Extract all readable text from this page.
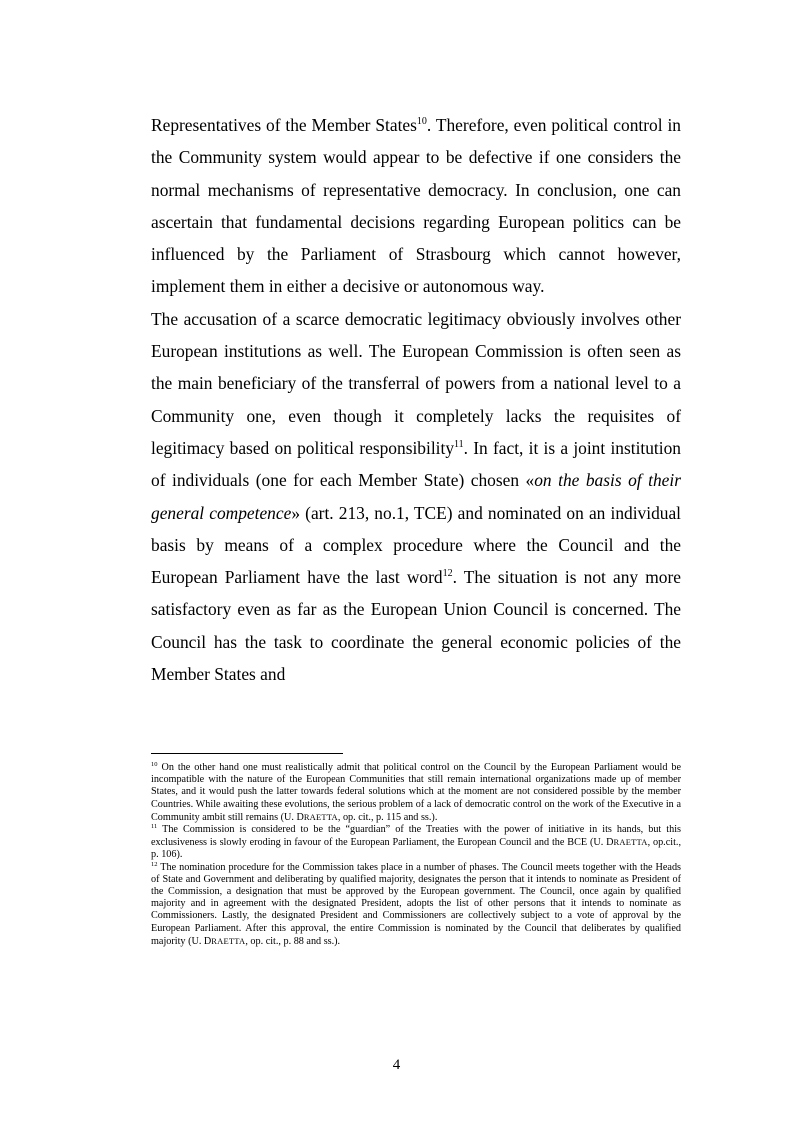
Representatives of the Member States$^{10}$. Therefore, even political control in the Community system would appear to be defective if one considers the normal mechanisms of representative democracy. In conclusion, one can ascertain that fundamental decisions regarding European politics can be influenced by the Parliament of Strasbourg which cannot however, implement them in either a decisive or autonomous way.

The accusation of a scarce democratic legitimacy obviously involves other European institutions as well. The European Commission is often seen as the main beneficiary of the transferral of powers from a national level to a Community one, even though it completely lacks the requisites of legitimacy based on political responsibility$^{11}$. In fact, it is a joint institution of individuals (one for each Member State) chosen «on the basis of their general competence» (art. 213, no.1, TCE) and nominated on an individual basis by means of a complex procedure where the Council and the European Parliament have the last word$^{12}$. The situation is not any more satisfactory even as far as the European Union Council is concerned. The Council has the task to coordinate the general economic policies of the Member States and

$^{10}$ On the other hand one must realistically admit that political control on the Council by the European Parliament would be incompatible with the nature of the European Communities that still remain international organizations made up of member States, and it would push the latter towards federal solutions which at the moment are not considered possible by the member Countries. While awaiting these evolutions, the serious problem of a lack of democratic control on the work of the Executive in a Community ambit still remains (U. DRAETTA, op. cit., p. 115 and ss.).

$^{11}$ The Commission is considered to be the “guardian” of the Treaties with the power of initiative in its hands, but this exclusiveness is slowly eroding in favour of the European Parliament, the European Council and the BCE (U. DRAETTA, op.cit., p. 106).

$^{12}$ The nomination procedure for the Commission takes place in a number of phases. The Council meets together with the Heads of State and Government and deliberating by qualified majority, designates the person that it intends to nominate as President of the Commission, a designation that must be approved by the European government. The Council, once again by qualified majority and in agreement with the designated President, adopts the list of other persons that it intends to nominate as Commissioners. Lastly, the designated President and Commissioners are collectively subject to a vote of approval by the European Parliament. After this approval, the entire Commission is nominated by the Council that deliberates by qualified majority (U. DRAETTA, op. cit., p. 88 and ss.).

4
